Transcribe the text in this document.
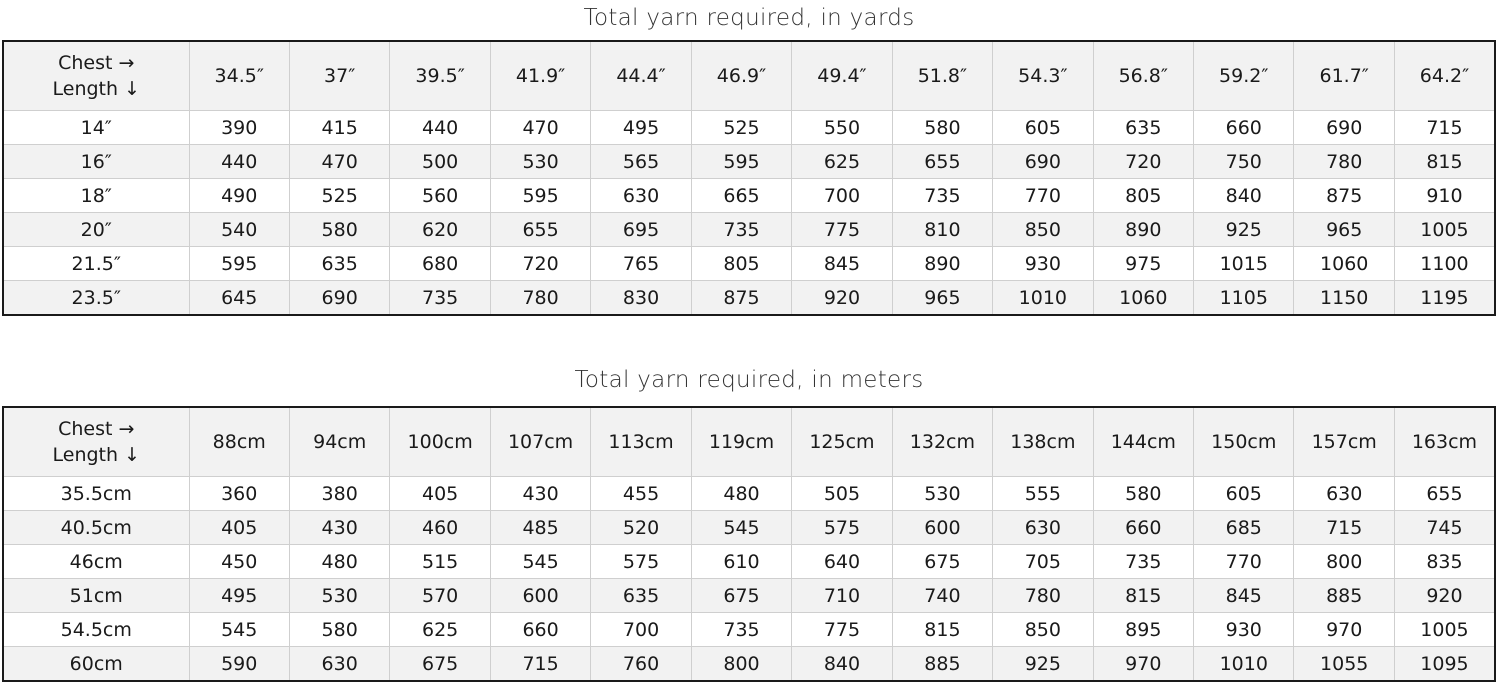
Total yarn required, in yards
Chest →
Length ↓	34.5″	37″	39.5″	41.9″	44.4″	46.9″	49.4″	51.8″	54.3″	56.8″	59.2″	61.7″	64.2″
14″	390	415	440	470	495	525	550	580	605	635	660	690	715
16″	440	470	500	530	565	595	625	655	690	720	750	780	815
18″	490	525	560	595	630	665	700	735	770	805	840	875	910
20″	540	580	620	655	695	735	775	810	850	890	925	965	1005
21.5″	595	635	680	720	765	805	845	890	930	975	1015	1060	1100
23.5″	645	690	735	780	830	875	920	965	1010	1060	1105	1150	1195
Total yarn required, in meters
Chest →
Length ↓	88cm	94cm	100cm	107cm	113cm	119cm	125cm	132cm	138cm	144cm	150cm	157cm	163cm
35.5cm	360	380	405	430	455	480	505	530	555	580	605	630	655
40.5cm	405	430	460	485	520	545	575	600	630	660	685	715	745
46cm	450	480	515	545	575	610	640	675	705	735	770	800	835
51cm	495	530	570	600	635	675	710	740	780	815	845	885	920
54.5cm	545	580	625	660	700	735	775	815	850	895	930	970	1005
60cm	590	630	675	715	760	800	840	885	925	970	1010	1055	1095
